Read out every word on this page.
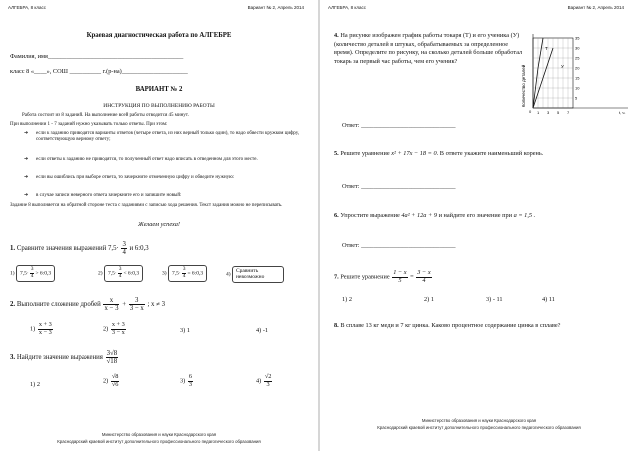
АЛГЕБРА, 8 класс	Вариант № 2, Апрель 2014
Краевая диагностическая работа по АЛГЕБРЕ
Фамилия, имя___________________________________________
класс 8 «____», СОШ __________ г.(р-на)_____________________
ВАРИАНТ № 2
ИНСТРУКЦИЯ ПО ВЫПОЛНЕНИЮ РАБОТЫ
Работа состоит из 8 заданий. На выполнение всей работы отводится 45 минут.
При выполнении 1 - 7 заданий нужно указывать только ответы. При этом:
➜ если к заданию приводятся варианты ответов (четыре ответа, из них верный только один), то надо обвести кружком цифру, соответствующую верному ответу;
➜ если ответы к заданию не приводятся, то полученный ответ надо вписать в отведенном для этого месте.
➜ если вы ошиблись при выборе ответа, то зачеркните отмеченную цифру и обведите нужную:
➜ в случае записи неверного ответа зачеркните его и запишите новый:
Задание 8 выполняется на обратной стороне теста с заданиями с записью хода решения. Текст задания можно не переписывать.
Желаем успеха!
1. Сравните значения выражений $7,5\cdot \frac{3}{4}$ и 6:0,3
1) $7,5\cdot \frac{3}{4}$ > 6:0,3	2) $7,5\cdot \frac{3}{4}$ < 6:0,3	3) $7,5\cdot \frac{3}{4}$ = 6:0,3	4) Сравнить невозможно
2. Выполните сложение дробей $\frac{x}{x - 3} + \frac{3}{3 - x}$ ; x ≠ 3
$1) \frac{x + 3}{x - 3}$	$2) \frac{x + 3}{3 - x}$	3) 1	4) -1
3. Найдите значение выражения $\frac{3√8}{√18}$
1) 2	$2) \frac{√8}{√6}$	$3) \frac{6}{3}$	$4) \frac{√2}{3}$
Министерство образования и науки Краснодарского края
Краснодарский краевой институт дополнительного профессионального педагогического образования
АЛГЕБРА, 8 класс	Вариант № 2, Апрель 2014
4. На рисунке изображен график работы токаря (Т) и его ученика (У) (количество деталей в штуках, обрабатываемых за определенное время). Определите по рисунку, на сколько деталей больше обработал токарь за первый час работы, чем его ученик?
Количество деталей	5
10
15
20
25
30
35
1 3 5 7
0	t, ч.
Т
У
Ответ: ______________________________
5. Решите уравнение x² + 17x − 18 = 0. В ответе укажите наименьший корень.
Ответ: ______________________________
6. Упростите выражение 4a² + 12a + 9 и найдите его значение при a = 1,5 .
Ответ: ______________________________
7. Решите уравнение $\frac{1 - x}{5} = \frac{3 - x}{4}$
1) 2	2) 1	3) - 11	4) 11
8. В сплаве 13 кг меди и 7 кг цинка. Каково процентное содержание цинка в сплаве?
Министерство образования и науки Краснодарского края
Краснодарский краевой институт дополнительного профессионального педагогического образования
